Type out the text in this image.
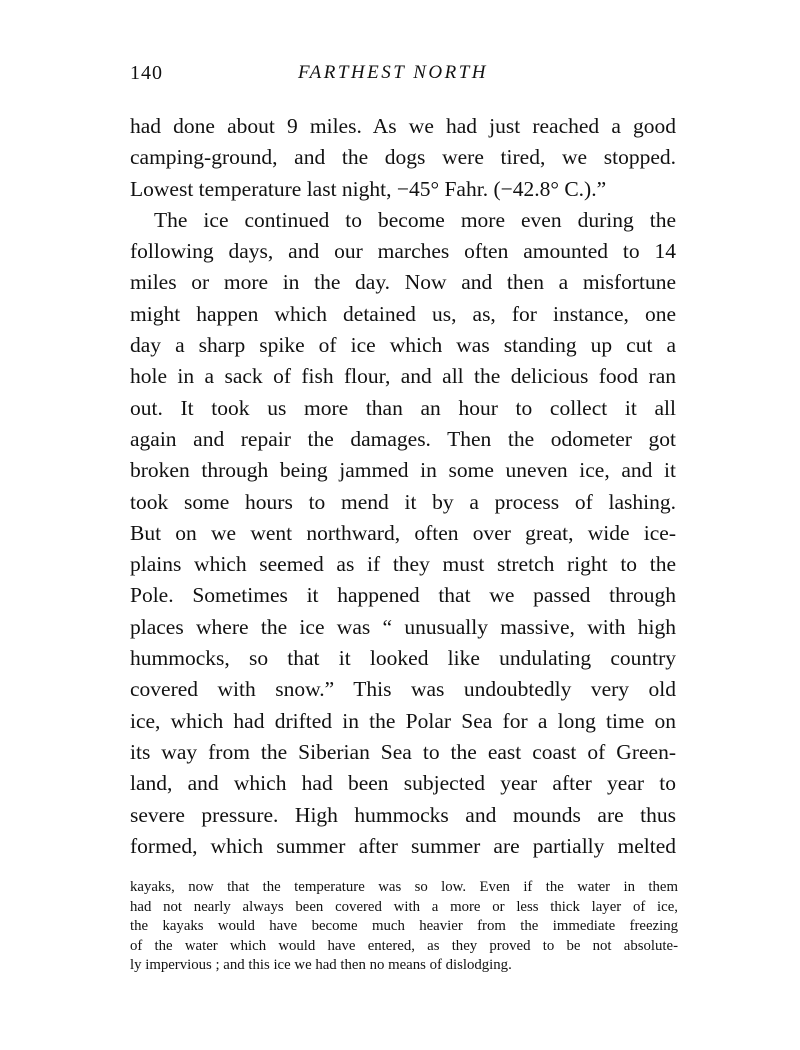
140	FARTHEST NORTH
had done about 9 miles. As we had just reached a good
camping-ground, and the dogs were tired, we stopped.
Lowest temperature last night, −45° Fahr. (−42.8° C.).”
The ice continued to become more even during the
following days, and our marches often amounted to 14
miles or more in the day. Now and then a misfortune
might happen which detained us, as, for instance, one
day a sharp spike of ice which was standing up cut a
hole in a sack of fish flour, and all the delicious food ran
out. It took us more than an hour to collect it all
again and repair the damages. Then the odometer got
broken through being jammed in some uneven ice, and it
took some hours to mend it by a process of lashing.
But on we went northward, often over great, wide ice-
plains which seemed as if they must stretch right to the
Pole. Sometimes it happened that we passed through
places where the ice was “ unusually massive, with high
hummocks, so that it looked like undulating country
covered with snow.” This was undoubtedly very old
ice, which had drifted in the Polar Sea for a long time on
its way from the Siberian Sea to the east coast of Green-
land, and which had been subjected year after year to
severe pressure. High hummocks and mounds are thus
formed, which summer after summer are partially melted
kayaks, now that the temperature was so low. Even if the water in them
had not nearly always been covered with a more or less thick layer of ice,
the kayaks would have become much heavier from the immediate freezing
of the water which would have entered, as they proved to be not absolute-
ly impervious ; and this ice we had then no means of dislodging.
